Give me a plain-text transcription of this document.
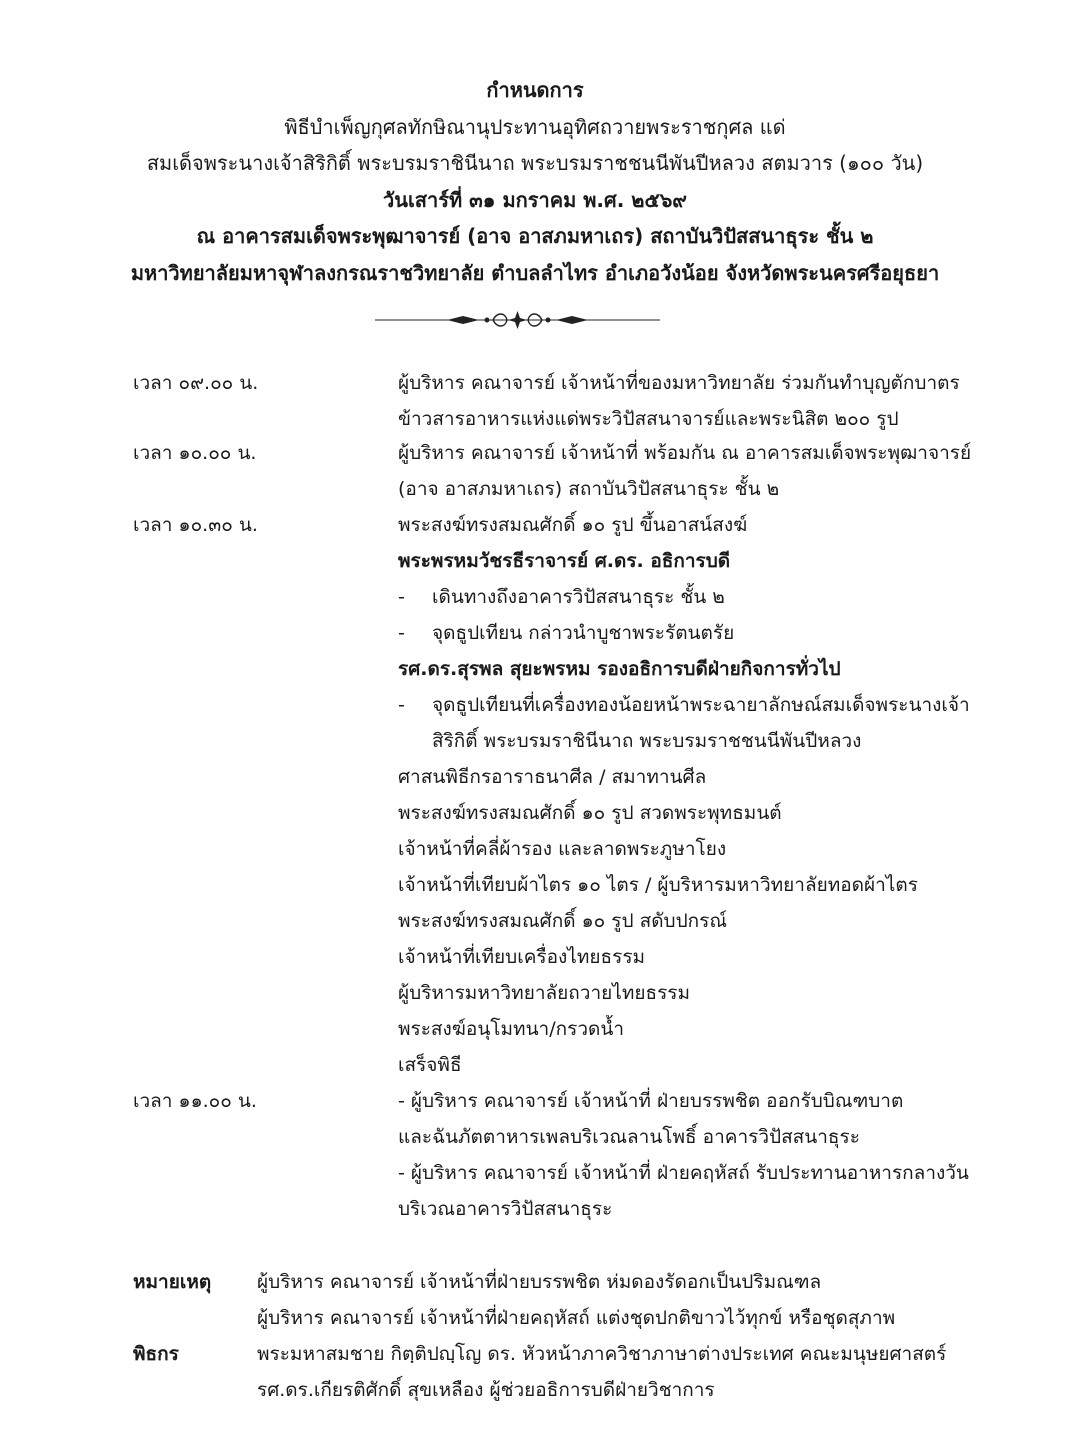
กำหนดการ
พิธีบำเพ็ญกุศลทักษิณานุประทานอุทิศถวายพระราชกุศล แด่
สมเด็จพระนางเจ้าสิริกิติ์ พระบรมราชินีนาถ พระบรมราชชนนีพันปีหลวง สตมวาร (๑๐๐ วัน)
วันเสาร์ที่ ๓๑ มกราคม พ.ศ. ๒๕๖๙
ณ อาคารสมเด็จพระพุฒาจารย์ (อาจ อาสภมหาเถร) สถาบันวิปัสสนาธุระ ชั้น ๒
มหาวิทยาลัยมหาจุฬาลงกรณราชวิทยาลัย ตำบลลำไทร อำเภอวังน้อย จังหวัดพระนครศรีอยุธยา
เวลา ๐๙.๐๐ น.	ผู้บริหาร คณาจารย์ เจ้าหน้าที่ของมหาวิทยาลัย ร่วมกันทำบุญตักบาตร
ข้าวสารอาหารแห่งแด่พระวิปัสสนาจารย์และพระนิสิต ๒๐๐ รูป
เวลา ๑๐.๐๐ น.	ผู้บริหาร คณาจารย์ เจ้าหน้าที่ พร้อมกัน ณ อาคารสมเด็จพระพุฒาจารย์
(อาจ อาสภมหาเถร) สถาบันวิปัสสนาธุระ ชั้น ๒
เวลา ๑๐.๓๐ น.	พระสงฆ์ทรงสมณศักดิ์ ๑๐ รูป ขึ้นอาสน์สงฆ์
พระพรหมวัชรธีราจารย์ ศ.ดร. อธิการบดี
- เดินทางถึงอาคารวิปัสสนาธุระ ชั้น ๒
- จุดธูปเทียน กล่าวนำบูชาพระรัตนตรัย
รศ.ดร.สุรพล สุยะพรหม รองอธิการบดีฝ่ายกิจการทั่วไป
- จุดธูปเทียนที่เครื่องทองน้อยหน้าพระฉายาลักษณ์สมเด็จพระนางเจ้า
สิริกิติ์ พระบรมราชินีนาถ พระบรมราชชนนีพันปีหลวง
ศาสนพิธีกรอาราธนาศีล / สมาทานศีล
พระสงฆ์ทรงสมณศักดิ์ ๑๐ รูป สวดพระพุทธมนต์
เจ้าหน้าที่คลี่ผ้ารอง และลาดพระภูษาโยง
เจ้าหน้าที่เทียบผ้าไตร ๑๐ ไตร / ผู้บริหารมหาวิทยาลัยทอดผ้าไตร
พระสงฆ์ทรงสมณศักดิ์ ๑๐ รูป สดับปกรณ์
เจ้าหน้าที่เทียบเครื่องไทยธรรม
ผู้บริหารมหาวิทยาลัยถวายไทยธรรม
พระสงฆ์อนุโมทนา/กรวดน้ำ
เสร็จพิธี
เวลา ๑๑.๐๐ น.	- ผู้บริหาร คณาจารย์ เจ้าหน้าที่ ฝ่ายบรรพชิต ออกรับบิณฑบาต
และฉันภัตตาหารเพลบริเวณลานโพธิ์ อาคารวิปัสสนาธุระ
- ผู้บริหาร คณาจารย์ เจ้าหน้าที่ ฝ่ายคฤหัสถ์ รับประทานอาหารกลางวัน
บริเวณอาคารวิปัสสนาธุระ
หมายเหตุ ผู้บริหาร คณาจารย์ เจ้าหน้าที่ฝ่ายบรรพชิต ห่มดองรัดอกเป็นปริมณฑล
ผู้บริหาร คณาจารย์ เจ้าหน้าที่ฝ่ายคฤหัสถ์ แต่งชุดปกติขาวไว้ทุกข์ หรือชุดสุภาพ
พิธกร	พระมหาสมชาย กิตฺติปญฺโญ ดร. หัวหน้าภาควิชาภาษาต่างประเทศ คณะมนุษยศาสตร์
รศ.ดร.เกียรติศักดิ์ สุขเหลือง ผู้ช่วยอธิการบดีฝ่ายวิชาการ
